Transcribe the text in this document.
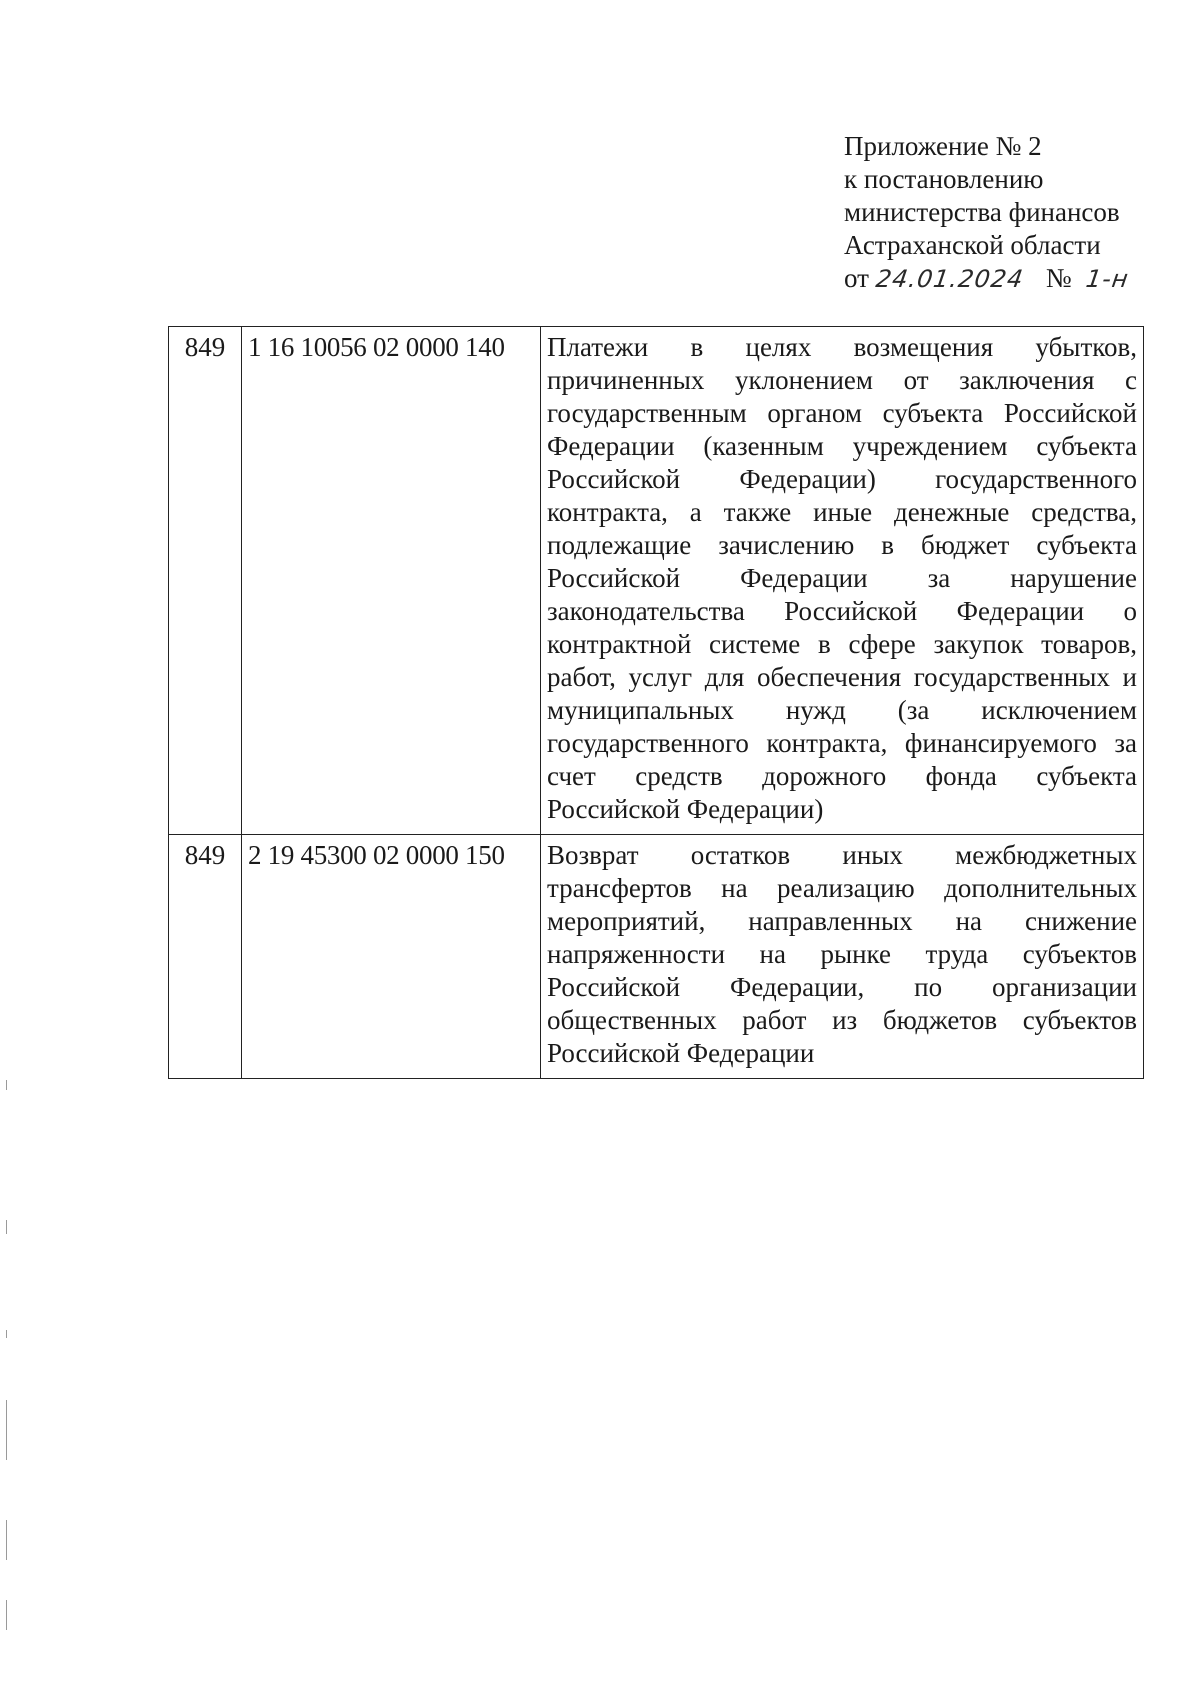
Приложение № 2
к постановлению
министерства финансов
Астраханской области
от 24.01.2024 № 1-н
849	1 16 10056 02 0000 140	Платежи в целях возмещения убытков, причиненных уклонением от заключения с государственным органом субъекта Российской Федерации (казенным учреждением субъекта Российской Федерации) государственного контракта, а также иные денежные средства, подлежащие зачислению в бюджет субъекта Российской Федерации за нарушение законодательства Российской Федерации о контрактной системе в сфере закупок товаров, работ, услуг для обеспечения государственных и муниципальных нужд (за исключением государственного контракта, финансируемого за счет средств дорожного фонда субъекта Российской Федерации)
849	2 19 45300 02 0000 150	Возврат остатков иных межбюджетных трансфертов на реализацию дополнительных мероприятий, направленных на снижение напряженности на рынке труда субъектов Российской Федерации, по организации общественных работ из бюджетов субъектов Российской Федерации
